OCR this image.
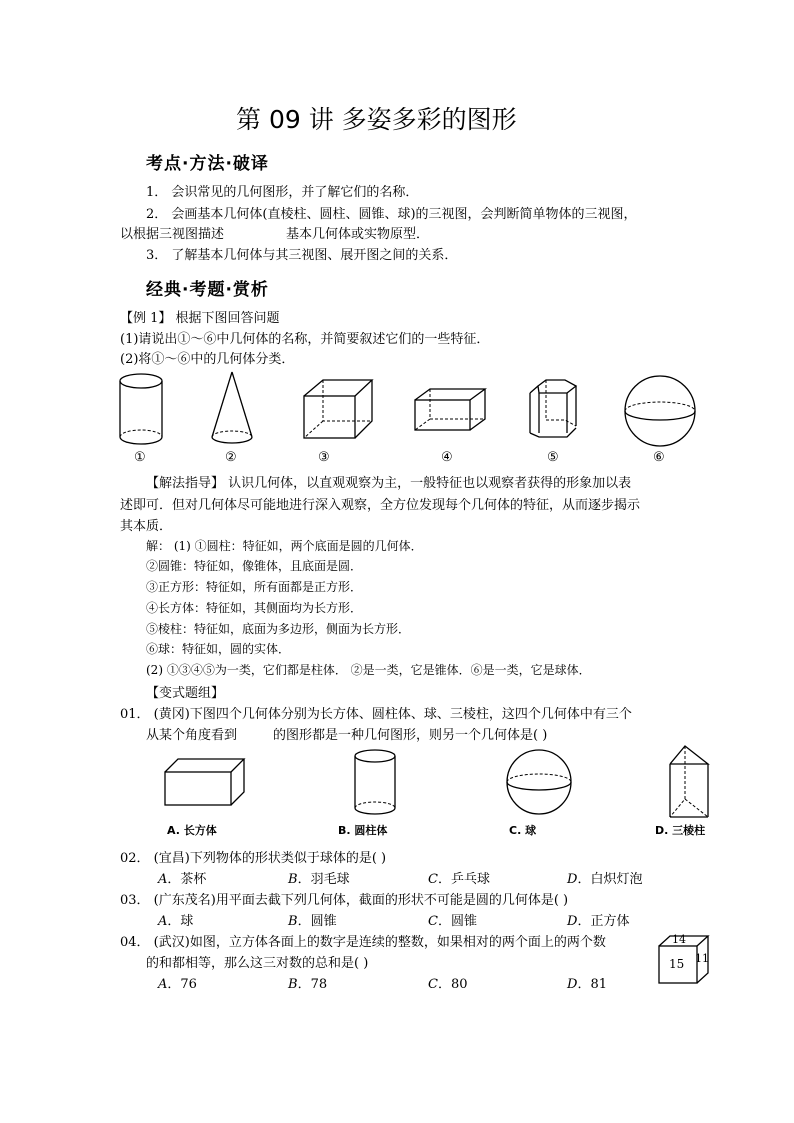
第 09 讲 多姿多彩的图形
考点·方法·破译
1． 会识常见的几何图形，并了解它们的名称．
2． 会画基本几何体(直棱柱、圆柱、圆锥、球)的三视图，会判断简单物体的三视图，
以根据三视图描述	基本几何体或实物原型．
3． 了解基本几何体与其三视图、展开图之间的关系．
经典·考题·赏析
【例 1】 根据下图回答问题
(1)请说出①～⑥中几何体的名称，并简要叙述它们的一些特征．
(2)将①～⑥中的几何体分类．
①	②	③	④	⑤	⑥
【解法指导】 认识几何体，以直观观察为主，一般特征也以观察者获得的形象加以表
述即可．但对几何体尽可能地进行深入观察，全方位发现每个几何体的特征，从而逐步揭示
其本质．
解： (1) ①圆柱：特征如，两个底面是圆的几何体．
②圆锥：特征如，像锥体，且底面是圆．
③正方形：特征如，所有面都是正方形．
④长方体：特征如，其侧面均为长方形．
⑤棱柱：特征如，底面为多边形，侧面为长方形．
⑥球：特征如，圆的实体．
(2) ①③④⑤为一类，它们都是柱体． ②是一类，它是锥体．⑥是一类，它是球体．
【变式题组】
01． (黄冈)下图四个几何体分别为长方体、圆柱体、球、三棱柱，这四个几何体中有三个
从某个角度看到	的图形都是一种几何图形，则另一个几何体是( )
A. 长方体	B. 圆柱体	C. 球	D. 三棱柱
02． (宜昌)下列物体的形状类似于球体的是( )
A．茶杯	B．羽毛球	C．乒乓球	D．白炽灯泡
03． (广东茂名)用平面去截下列几何体，截面的形状不可能是圆的几何体是( )
A．球	B．圆锥	C．圆锥	D．正方体
04． (武汉)如图，立方体各面上的数字是连续的整数，如果相对的两个面上的两个数
的和都相等，那么这三对数的总和是( )
A．76	B．78	C．80	D．81
14
15 11
